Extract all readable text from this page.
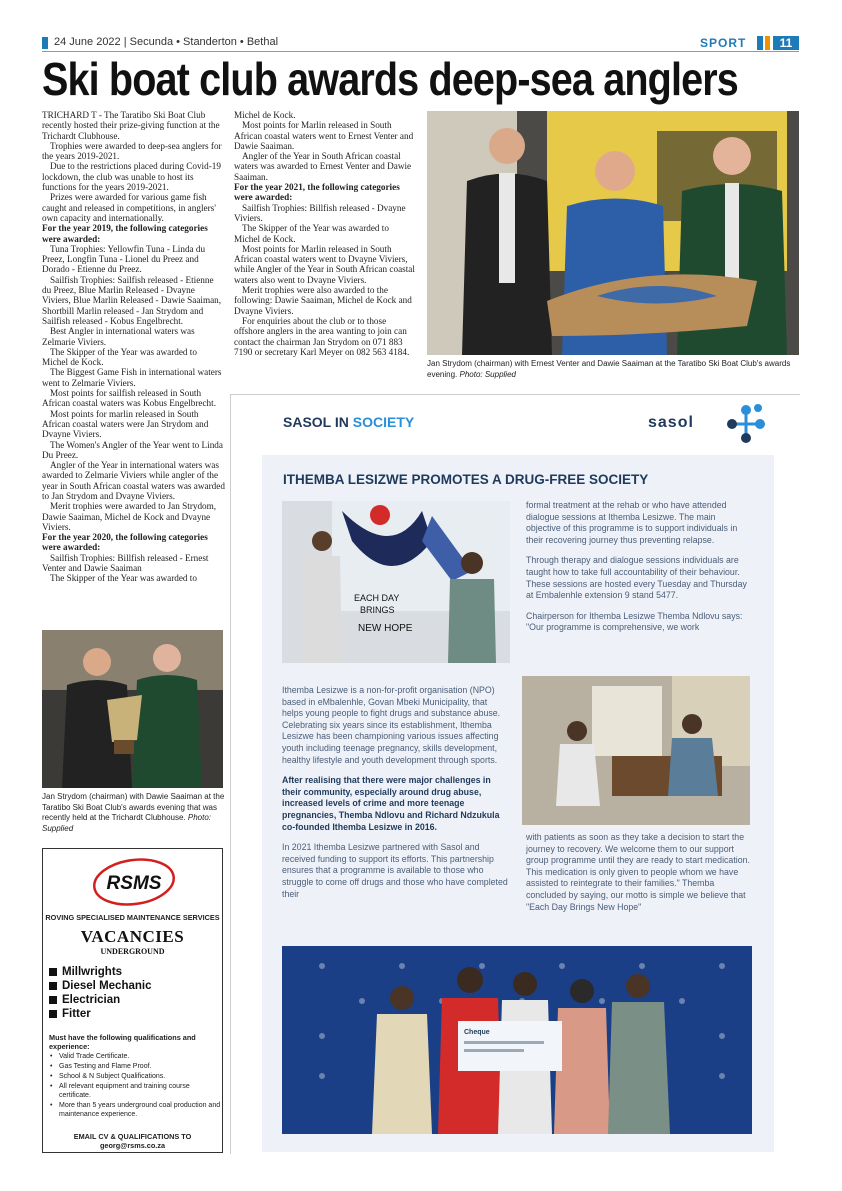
24 June 2022 | Secunda • Standerton • Bethal	SPORT	11
Ski boat club awards deep-sea anglers

TRICHARD T - The Taratibo Ski Boat Club recently hosted their prize-giving function at the Trichardt Clubhouse.

Trophies were awarded to deep-sea anglers for the years 2019-2021.

Due to the restrictions placed during Covid-19 lockdown, the club was unable to host its functions for the years 2019-2021.

Prizes were awarded for various game fish caught and released in competitions, in anglers' own capacity and internationally.

For the year 2019, the following categories were awarded:

Tuna Trophies: Yellowfin Tuna - Linda du Preez, Longfin Tuna - Lionel du Preez and Dorado - Etienne du Preez.

Sailfish Trophies: Sailfish released - Etienne du Preez, Blue Marlin Released - Dvayne Viviers, Blue Marlin Released - Dawie Saaiman, Shortbill Marlin released - Jan Strydom and Sailfish released - Kobus Engelbrecht.

Best Angler in international waters was Zelmarie Viviers.

The Skipper of the Year was awarded to Michel de Kock.

The Biggest Game Fish in international waters went to Zelmarie Viviers.

Most points for sailfish released in South African coastal waters was Kobus Engelbrecht.

Most points for marlin released in South African coastal waters were Jan Strydom and Dvayne Viviers.

The Women's Angler of the Year went to Linda Du Preez.

Angler of the Year in international waters was awarded to Zelmarie Viviers while angler of the year in South African coastal waters was awarded to Jan Strydom and Dvayne Viviers.

Merit trophies were awarded to Jan Strydom, Dawie Saaiman, Michel de Kock and Dvayne Viviers.

For the year 2020, the following categories were awarded:

Sailfish Trophies: Billfish released - Ernest Venter and Dawie Saaiman

The Skipper of the Year was awarded to

Michel de Kock.

Most points for Marlin released in South African coastal waters went to Ernest Venter and Dawie Saaiman.

Angler of the Year in South African coastal waters was awarded to Ernest Venter and Dawie Saaiman.

For the year 2021, the following categories were awarded:

Sailfish Trophies: Billfish released - Dvayne Viviers.

The Skipper of the Year was awarded to Michel de Kock.

Most points for Marlin released in South African coastal waters went to Dvayne Viviers, while Angler of the Year in South African coastal waters also went to Dvayne Viviers.

Merit trophies were also awarded to the following: Dawie Saaiman, Michel de Kock and Dvayne Viviers.

For enquiries about the club or to those offshore anglers in the area wanting to join can contact the chairman Jan Strydom on 071 883 7190 or secretary Karl Meyer on 082 563 4184.

Jan Strydom (chairman) with Ernest Venter and Dawie Saaiman at the Taratibo Ski Boat Club's awards evening. Photo: Supplied
Jan Strydom (chairman) with Dawie Saaiman at the Taratibo Ski Boat Club's awards evening that was recently held at the Trichardt Clubhouse. Photo: Supplied
RSMS
ROVING SPECIALISED MAINTENANCE SERVICES
VACANCIES
UNDERGROUND
Millwrights
Diesel Mechanic
Electrician
Fitter
Must have the following qualifications and experience:
• Valid Trade Certificate.
• Gas Testing and Flame Proof.
• School & N Subject Qualifications.
• All relevant equipment and training course certificate.
• More than 5 years underground coal production and maintenance experience.
EMAIL CV & QUALIFICATIONS TO
georg@rsms.co.za
SASOL IN SOCIETY	sasol
ITHEMBA LESIZWE PROMOTES A DRUG-FREE SOCIETY
EACH DAY
BRINGS
NEW HOPE

Ithemba Lesizwe is a non-for-profit organisation (NPO) based in eMbalenhle, Govan Mbeki Municipality, that helps young people to fight drugs and substance abuse. Celebrating six years since its establishment, Ithemba Lesizwe has been championing various issues affecting youth including teenage pregnancy, skills development, healthy lifestyle and youth development through sports.

After realising that there were major challenges in their community, especially around drug abuse, increased levels of crime and more teenage pregnancies, Themba Ndlovu and Richard Ndzukula co-founded Ithemba Lesizwe in 2016.

In 2021 Ithemba Lesizwe partnered with Sasol and received funding to support its efforts. This partnership ensures that a programme is available to those who struggle to come off drugs and those who have completed their

formal treatment at the rehab or who have attended dialogue sessions at Ithemba Lesizwe. The main objective of this programme is to support individuals in their recovering journey thus preventing relapse.

Through therapy and dialogue sessions individuals are taught how to take full accountability of their behaviour. These sessions are hosted every Tuesday and Thursday at Embalenhle extension 9 stand 5477.

Chairperson for Ithemba Lesizwe Themba Ndlovu says: "Our programme is comprehensive, we work

with patients as soon as they take a decision to start the journey to recovery. We welcome them to our support group programme until they are ready to start medication. This medication is only given to people whom we have assisted to reintegrate to their families." Themba concluded by saying, our motto is simple we believe that "Each Day Brings New Hope"

Cheque
